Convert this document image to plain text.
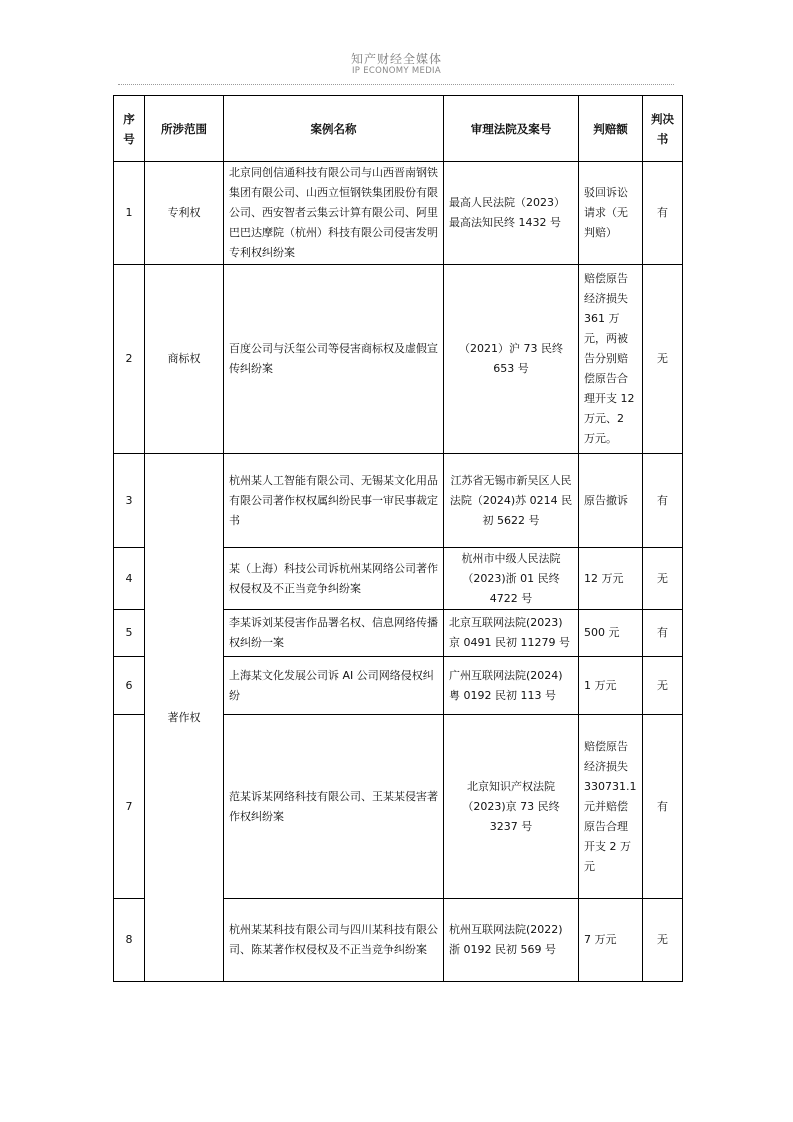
知产财经全媒体
IP ECONOMY MEDIA
序号	所涉范围	案例名称	审理法院及案号	判赔额	判决书
1	专利权	北京同创信通科技有限公司与山西晋南钢铁集团有限公司、山西立恒钢铁集团股份有限公司、西安智者云集云计算有限公司、阿里巴巴达摩院（杭州）科技有限公司侵害发明专利权纠纷案	最高人民法院（2023）最高法知民终 1432 号	驳回诉讼请求（无判赔）	有
2	商标权	百度公司与沃玺公司等侵害商标权及虚假宣传纠纷案	（2021）沪 73 民终 653 号	赔偿原告经济损失 361 万元，两被告分别赔偿原告合理开支 12 万元、2 万元。	无
3	著作权	杭州某人工智能有限公司、无锡某文化用品有限公司著作权权属纠纷民事一审民事裁定书	江苏省无锡市新吴区人民法院（2024)苏 0214 民初 5622 号	原告撤诉	有
4		某（上海）科技公司诉杭州某网络公司著作权侵权及不正当竞争纠纷案	杭州市中级人民法院（2023)浙 01 民终 4722 号	12 万元	无
5		李某诉刘某侵害作品署名权、信息网络传播权纠纷一案	北京互联网法院(2023)京 0491 民初 11279 号	500 元	有
6		上海某文化发展公司诉 AI 公司网络侵权纠纷	广州互联网法院(2024)粤 0192 民初 113 号	1 万元	无
7		范某诉某网络科技有限公司、王某某侵害著作权纠纷案	北京知识产权法院（2023)京 73 民终 3237 号	赔偿原告经济损失 330731.1 元并赔偿原告合理开支 2 万元	有
8		杭州某某科技有限公司与四川某科技有限公司、陈某著作权侵权及不正当竞争纠纷案	杭州互联网法院(2022)浙 0192 民初 569 号	7 万元	无
